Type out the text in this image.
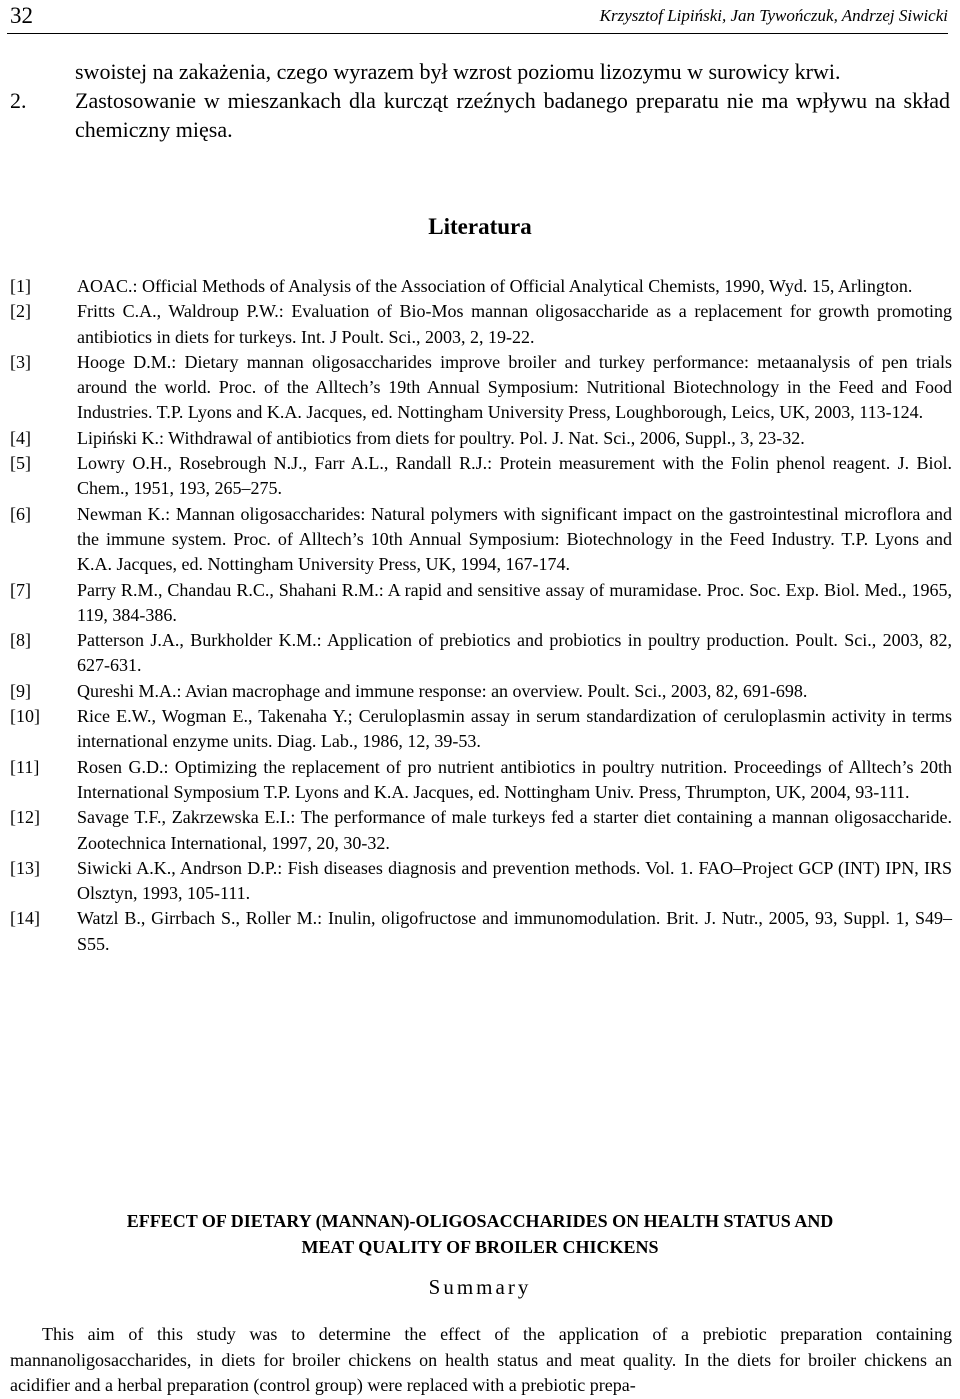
32	Krzysztof Lipiński, Jan Tywończuk, Andrzej Siwicki
swoistej na zakażenia, czego wyrazem był wzrost poziomu lizozymu w surowicy krwi.
2. Zastosowanie w mieszankach dla kurcząt rzeźnych badanego preparatu nie ma wpływu na skład chemiczny mięsa.
Literatura
[1]	AOAC.: Official Methods of Analysis of the Association of Official Analytical Chemists, 1990, Wyd. 15, Arlington.
[2]	Fritts C.A., Waldroup P.W.: Evaluation of Bio-Mos mannan oligosaccharide as a replacement for growth promoting antibiotics in diets for turkeys. Int. J Poult. Sci., 2003, 2, 19-22.
[3]	Hooge D.M.: Dietary mannan oligosaccharides improve broiler and turkey performance: metaanalysis of pen trials around the world. Proc. of the Alltech’s 19th Annual Symposium: Nutritional Biotechnology in the Feed and Food Industries. T.P. Lyons and K.A. Jacques, ed. Nottingham University Press, Loughborough, Leics, UK, 2003, 113-124.
[4]	Lipiński K.: Withdrawal of antibiotics from diets for poultry. Pol. J. Nat. Sci., 2006, Suppl., 3, 23-32.
[5]	Lowry O.H., Rosebrough N.J., Farr A.L., Randall R.J.: Protein measurement with the Folin phenol reagent. J. Biol. Chem., 1951, 193, 265–275.
[6]	Newman K.: Mannan oligosaccharides: Natural polymers with significant impact on the gastrointestinal microflora and the immune system. Proc. of Alltech’s 10th Annual Symposium: Biotechnology in the Feed Industry. T.P. Lyons and K.A. Jacques, ed. Nottingham University Press, UK, 1994, 167-174.
[7]	Parry R.M., Chandau R.C., Shahani R.M.: A rapid and sensitive assay of muramidase. Proc. Soc. Exp. Biol. Med., 1965, 119, 384-386.
[8]	Patterson J.A., Burkholder K.M.: Application of prebiotics and probiotics in poultry production. Poult. Sci., 2003, 82, 627-631.
[9]	Qureshi M.A.: Avian macrophage and immune response: an overview. Poult. Sci., 2003, 82, 691-698.
[10] Rice E.W., Wogman E., Takenaha Y.; Ceruloplasmin assay in serum standardization of ceruloplasmin activity in terms international enzyme units. Diag. Lab., 1986, 12, 39-53.
[11] Rosen G.D.: Optimizing the replacement of pro nutrient antibiotics in poultry nutrition. Proceedings of Alltech’s 20th International Symposium T.P. Lyons and K.A. Jacques, ed. Nottingham Univ. Press, Thrumpton, UK, 2004, 93-111.
[12] Savage T.F., Zakrzewska E.I.: The performance of male turkeys fed a starter diet containing a mannan oligosaccharide. Zootechnica International, 1997, 20, 30-32.
[13] Siwicki A.K., Andrson D.P.: Fish diseases diagnosis and prevention methods. Vol. 1. FAO–Project GCP (INT) IPN, IRS Olsztyn, 1993, 105-111.
[14] Watzl B., Girrbach S., Roller M.: Inulin, oligofructose and immunomodulation. Brit. J. Nutr., 2005, 93, Suppl. 1, S49–S55.
EFFECT OF DIETARY (MANNAN)-OLIGOSACCHARIDES ON HEALTH STATUS AND
MEAT QUALITY OF BROILER CHICKENS
Summary
This aim of this study was to determine the effect of the application of a prebiotic preparation containing mannanoligosaccharides, in diets for broiler chickens on health status and meat quality. In the diets for broiler chickens an acidifier and a herbal preparation (control group) were replaced with a prebiotic prepa-
